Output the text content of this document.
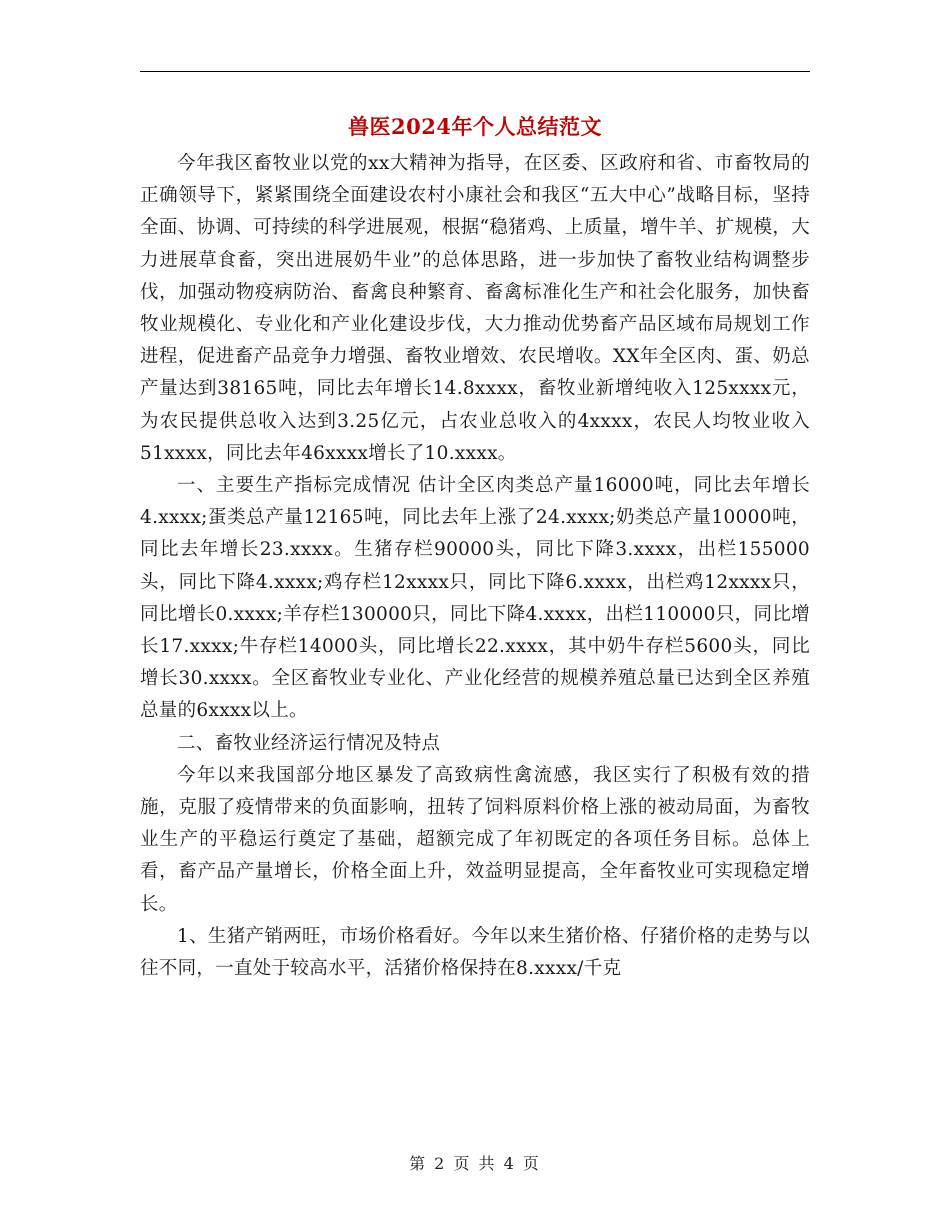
兽医2024年个人总结范文

今年我区畜牧业以党的xx大精神为指导，在区委、区政府和省、市畜牧局的正确领导下，紧紧围绕全面建设农村小康社会和我区“五大中心”战略目标，坚持全面、协调、可持续的科学进展观，根据“稳猪鸡、上质量，增牛羊、扩规模，大力进展草食畜，突出进展奶牛业”的总体思路，进一步加快了畜牧业结构调整步伐，加强动物疫病防治、畜禽良种繁育、畜禽标准化生产和社会化服务，加快畜牧业规模化、专业化和产业化建设步伐，大力推动优势畜产品区域布局规划工作进程，促进畜产品竞争力增强、畜牧业增效、农民增收。XX年全区肉、蛋、奶总产量达到38165吨，同比去年增长14.8xxxx，畜牧业新增纯收入125xxxx元，为农民提供总收入达到3.25亿元，占农业总收入的4xxxx，农民人均牧业收入51xxxx，同比去年46xxxx增长了10.xxxx。

一、主要生产指标完成情况 估计全区肉类总产量16000吨，同比去年增长4.xxxx;蛋类总产量12165吨，同比去年上涨了24.xxxx;奶类总产量10000吨，同比去年增长23.xxxx。生猪存栏90000头，同比下降3.xxxx，出栏155000头，同比下降4.xxxx;鸡存栏12xxxx只，同比下降6.xxxx，出栏鸡12xxxx只，同比增长0.xxxx;羊存栏130000只，同比下降4.xxxx，出栏110000只，同比增长17.xxxx;牛存栏14000头，同比增长22.xxxx，其中奶牛存栏5600头，同比增长30.xxxx。全区畜牧业专业化、产业化经营的规模养殖总量已达到全区养殖总量的6xxxx以上。

二、畜牧业经济运行情况及特点

今年以来我国部分地区暴发了高致病性禽流感，我区实行了积极有效的措施，克服了疫情带来的负面影响，扭转了饲料原料价格上涨的被动局面，为畜牧业生产的平稳运行奠定了基础，超额完成了年初既定的各项任务目标。总体上看，畜产品产量增长，价格全面上升，效益明显提高，全年畜牧业可实现稳定增长。

1、生猪产销两旺，市场价格看好。今年以来生猪价格、仔猪价格的走势与以往不同，一直处于较高水平，活猪价格保持在8.xxxx/千克

第 2 页 共 4 页
